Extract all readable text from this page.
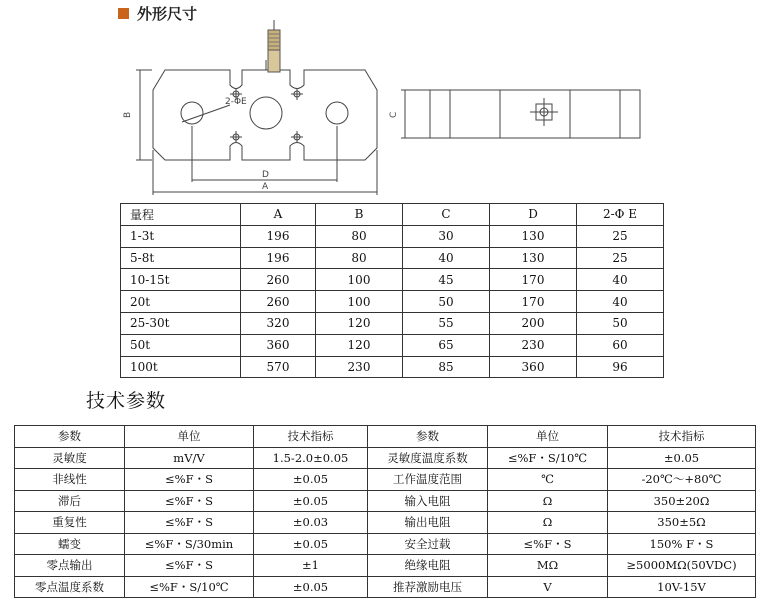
外形尺寸
B
D
A
2-ΦE
C
量程	A	B	C	D	2-Φ E
1-3t	196	80	30	130	25
5-8t	196	80	40	130	25
10-15t	260	100	45	170	40
20t	260	100	50	170	40
25-30t	320	120	55	200	50
50t	360	120	65	230	60
100t	570	230	85	360	96
技术参数
参数	单位	技术指标	参数	单位	技术指标
灵敏度	mV/V	1.5-2.0±0.05	灵敏度温度系数	≤%F・S/10℃	±0.05
非线性	≤%F・S	±0.05	工作温度范围	℃	-20℃～+80℃
滞后	≤%F・S	±0.05	输入电阻	Ω	350±20Ω
重复性	≤%F・S	±0.03	输出电阻	Ω	350±5Ω
蠕变	≤%F・S/30min	±0.05	安全过载	≤%F・S	150% F・S
零点输出	≤%F・S	±1	绝缘电阻	MΩ	≥5000MΩ(50VDC)
零点温度系数	≤%F・S/10℃	±0.05	推荐激励电压	V	10V-15V
